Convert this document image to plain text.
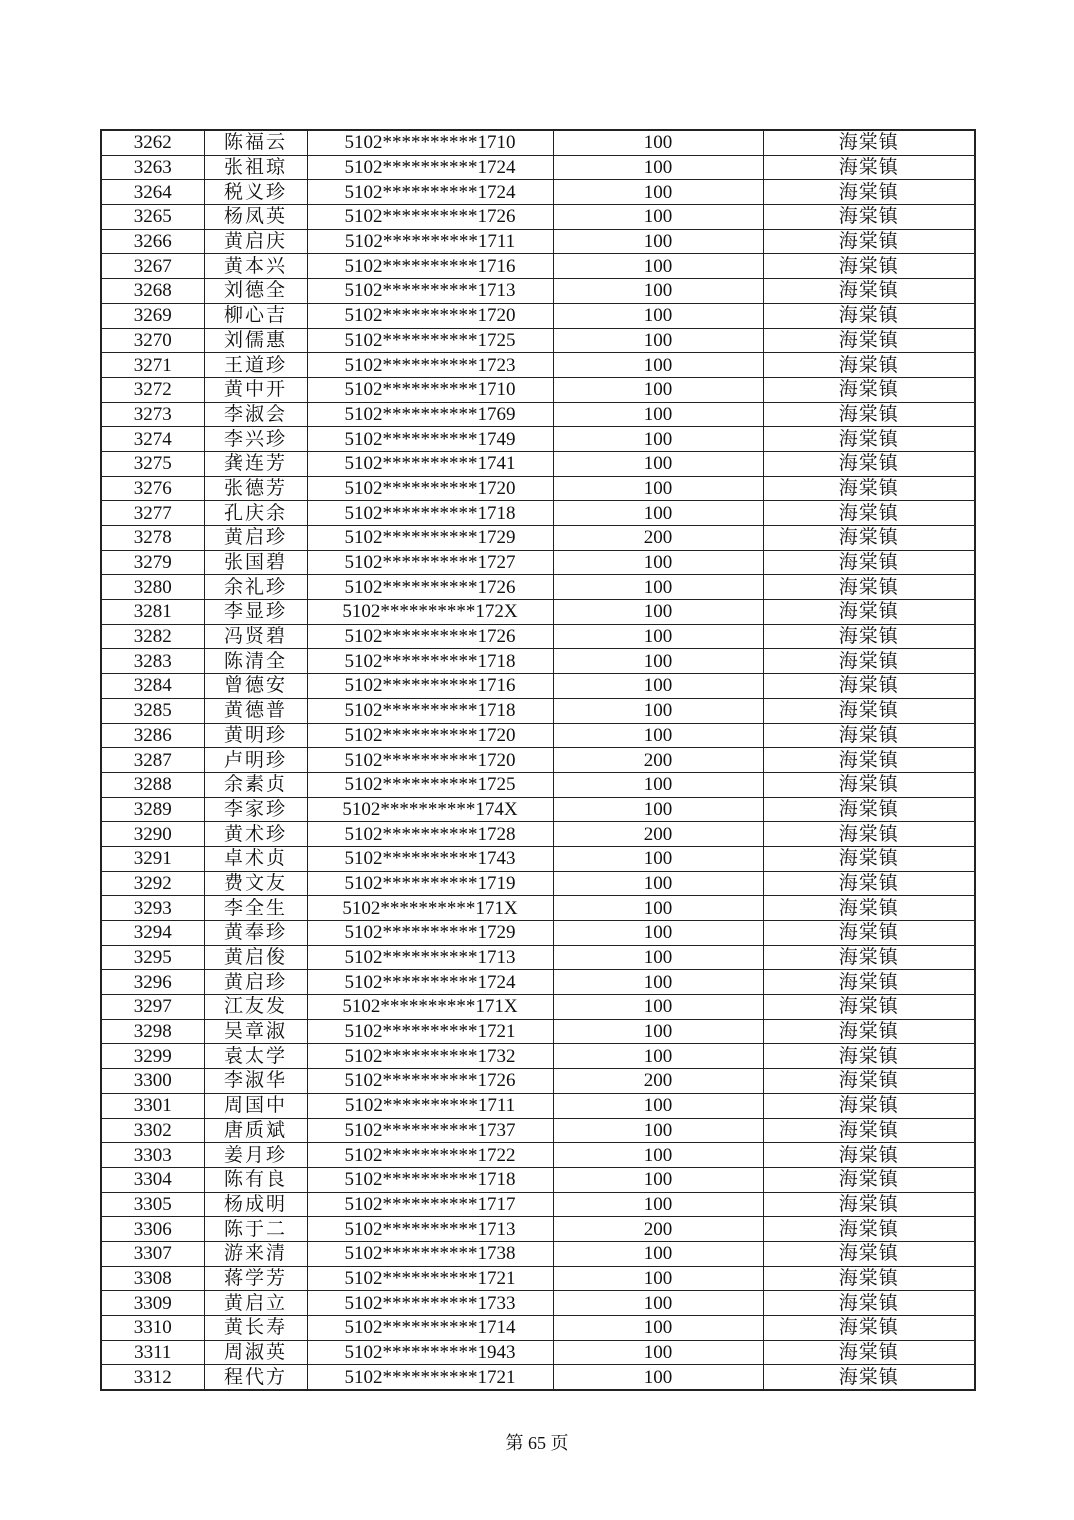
3262	陈福云	5102**********1710	100	海棠镇
3263	张祖琼	5102**********1724	100	海棠镇
3264	税义珍	5102**********1724	100	海棠镇
3265	杨凤英	5102**********1726	100	海棠镇
3266	黄启庆	5102**********1711	100	海棠镇
3267	黄本兴	5102**********1716	100	海棠镇
3268	刘德全	5102**********1713	100	海棠镇
3269	柳心吉	5102**********1720	100	海棠镇
3270	刘儒惠	5102**********1725	100	海棠镇
3271	王道珍	5102**********1723	100	海棠镇
3272	黄中开	5102**********1710	100	海棠镇
3273	李淑会	5102**********1769	100	海棠镇
3274	李兴珍	5102**********1749	100	海棠镇
3275	龚连芳	5102**********1741	100	海棠镇
3276	张德芳	5102**********1720	100	海棠镇
3277	孔庆余	5102**********1718	100	海棠镇
3278	黄启珍	5102**********1729	200	海棠镇
3279	张国碧	5102**********1727	100	海棠镇
3280	余礼珍	5102**********1726	100	海棠镇
3281	李显珍	5102**********172X	100	海棠镇
3282	冯贤碧	5102**********1726	100	海棠镇
3283	陈清全	5102**********1718	100	海棠镇
3284	曾德安	5102**********1716	100	海棠镇
3285	黄德普	5102**********1718	100	海棠镇
3286	黄明珍	5102**********1720	100	海棠镇
3287	卢明珍	5102**********1720	200	海棠镇
3288	余素贞	5102**********1725	100	海棠镇
3289	李家珍	5102**********174X	100	海棠镇
3290	黄术珍	5102**********1728	200	海棠镇
3291	卓术贞	5102**********1743	100	海棠镇
3292	费文友	5102**********1719	100	海棠镇
3293	李全生	5102**********171X	100	海棠镇
3294	黄奉珍	5102**********1729	100	海棠镇
3295	黄启俊	5102**********1713	100	海棠镇
3296	黄启珍	5102**********1724	100	海棠镇
3297	江友发	5102**********171X	100	海棠镇
3298	吴章淑	5102**********1721	100	海棠镇
3299	袁太学	5102**********1732	100	海棠镇
3300	李淑华	5102**********1726	200	海棠镇
3301	周国中	5102**********1711	100	海棠镇
3302	唐质斌	5102**********1737	100	海棠镇
3303	姜月珍	5102**********1722	100	海棠镇
3304	陈有良	5102**********1718	100	海棠镇
3305	杨成明	5102**********1717	100	海棠镇
3306	陈于二	5102**********1713	200	海棠镇
3307	游来清	5102**********1738	100	海棠镇
3308	蒋学芳	5102**********1721	100	海棠镇
3309	黄启立	5102**********1733	100	海棠镇
3310	黄长寿	5102**********1714	100	海棠镇
3311	周淑英	5102**********1943	100	海棠镇
3312	程代方	5102**********1721	100	海棠镇
第 65 页
